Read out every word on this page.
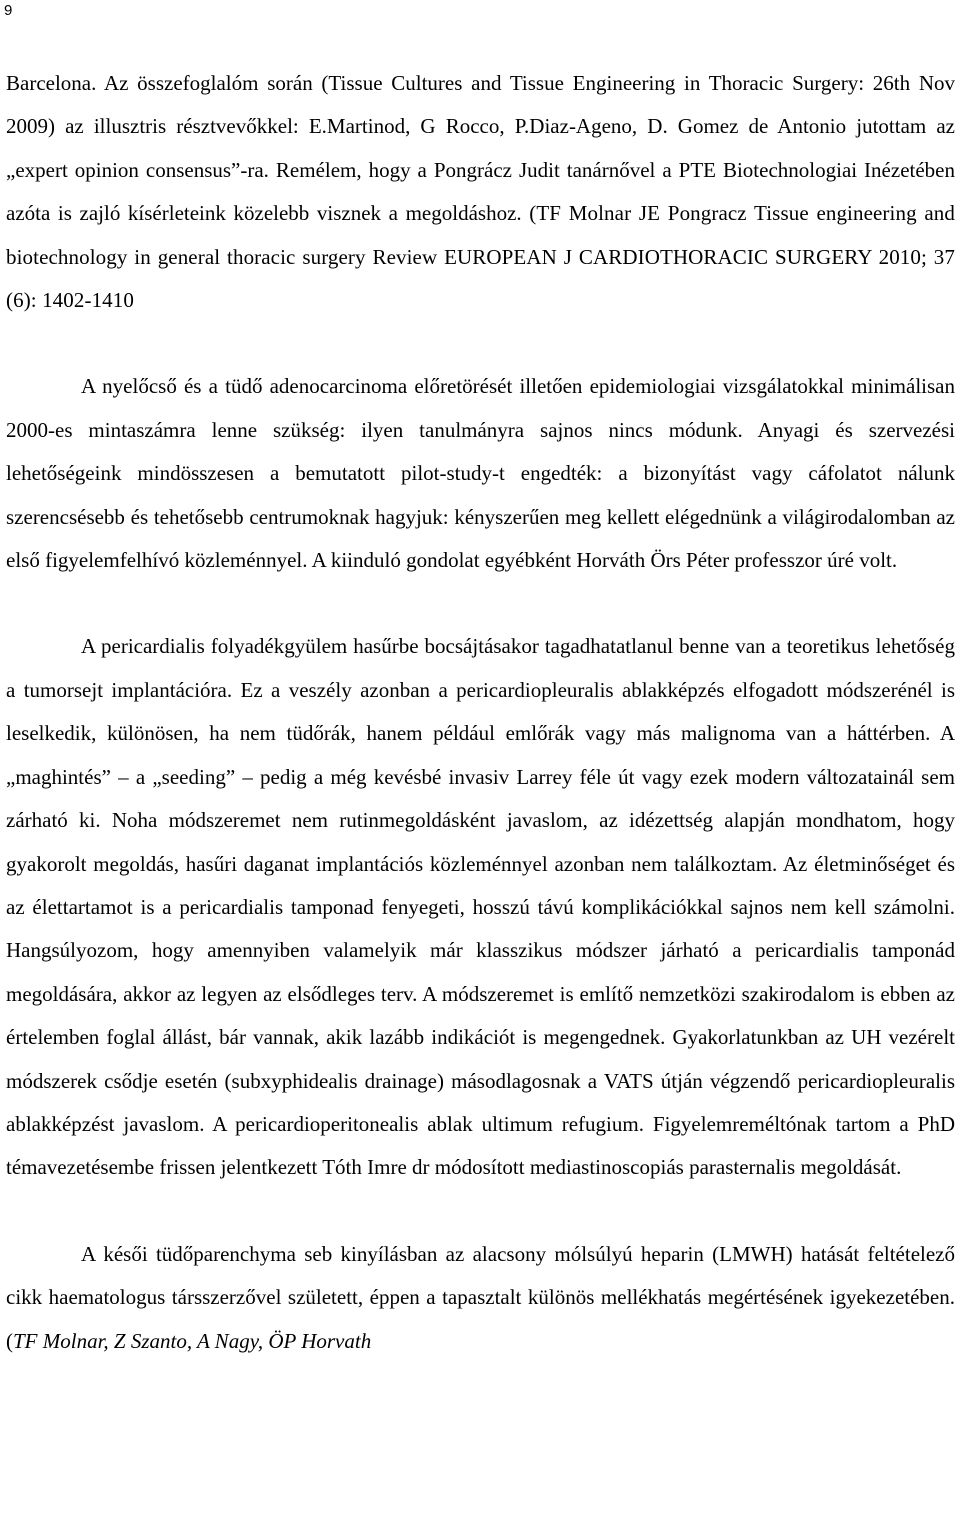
9

Barcelona. Az összefoglalóm során (Tissue Cultures and Tissue Engineering in Thoracic Surgery: 26th Nov 2009) az illusztris résztvevőkkel: E.Martinod, G Rocco, P.Diaz-Ageno, D. Gomez de Antonio jutottam az „expert opinion consensus”-ra. Remélem, hogy a Pongrácz Judit tanárnővel a PTE Biotechnologiai Inézetében azóta is zajló kísérleteink közelebb visznek a megoldáshoz. (TF Molnar JE Pongracz Tissue engineering and biotechnology in general thoracic surgery Review EUROPEAN J CARDIOTHORACIC SURGERY 2010; 37 (6): 1402-1410

A nyelőcső és a tüdő adenocarcinoma előretörését illetően epidemiologiai vizsgálatokkal minimálisan 2000-es mintaszámra lenne szükség: ilyen tanulmányra sajnos nincs módunk. Anyagi és szervezési lehetőségeink mindösszesen a bemutatott pilot-study-t engedték: a bizonyítást vagy cáfolatot nálunk szerencsésebb és tehetősebb centrumoknak hagyjuk: kényszerűen meg kellett elégednünk a világirodalomban az első figyelemfelhívó közleménnyel. A kiinduló gondolat egyébként Horváth Örs Péter professzor úré volt.

A pericardialis folyadékgyülem hasűrbe bocsájtásakor tagadhatatlanul benne van a teoretikus lehetőség a tumorsejt implantációra. Ez a veszély azonban a pericardiopleuralis ablakképzés elfogadott módszerénél is leselkedik, különösen, ha nem tüdőrák, hanem például emlőrák vagy más malignoma van a háttérben. A „maghintés” – a „seeding” – pedig a még kevésbé invasiv Larrey féle út vagy ezek modern változatainál sem zárható ki. Noha módszeremet nem rutinmegoldásként javaslom, az idézettség alapján mondhatom, hogy gyakorolt megoldás, hasűri daganat implantációs közleménnyel azonban nem találkoztam. Az életminőséget és az élettartamot is a pericardialis tamponad fenyegeti, hosszú távú komplikációkkal sajnos nem kell számolni. Hangsúlyozom, hogy amennyiben valamelyik már klasszikus módszer járható a pericardialis tamponád megoldására, akkor az legyen az elsődleges terv. A módszeremet is említő nemzetközi szakirodalom is ebben az értelemben foglal állást, bár vannak, akik lazább indikációt is megengednek. Gyakorlatunkban az UH vezérelt módszerek csődje esetén (subxyphidealis drainage) másodlagosnak a VATS útján végzendő pericardiopleuralis ablakképzést javaslom. A pericardioperitonealis ablak ultimum refugium. Figyelemreméltónak tartom a PhD témavezetésembe frissen jelentkezett Tóth Imre dr módosított mediastinoscopiás parasternalis megoldását.

A késői tüdőparenchyma seb kinyílásban az alacsony mólsúlyú heparin (LMWH) hatását feltételező cikk haematologus társszerzővel született, éppen a tapasztalt különös mellékhatás megértésének igyekezetében. (TF Molnar, Z Szanto, A Nagy, ÖP Horvath
